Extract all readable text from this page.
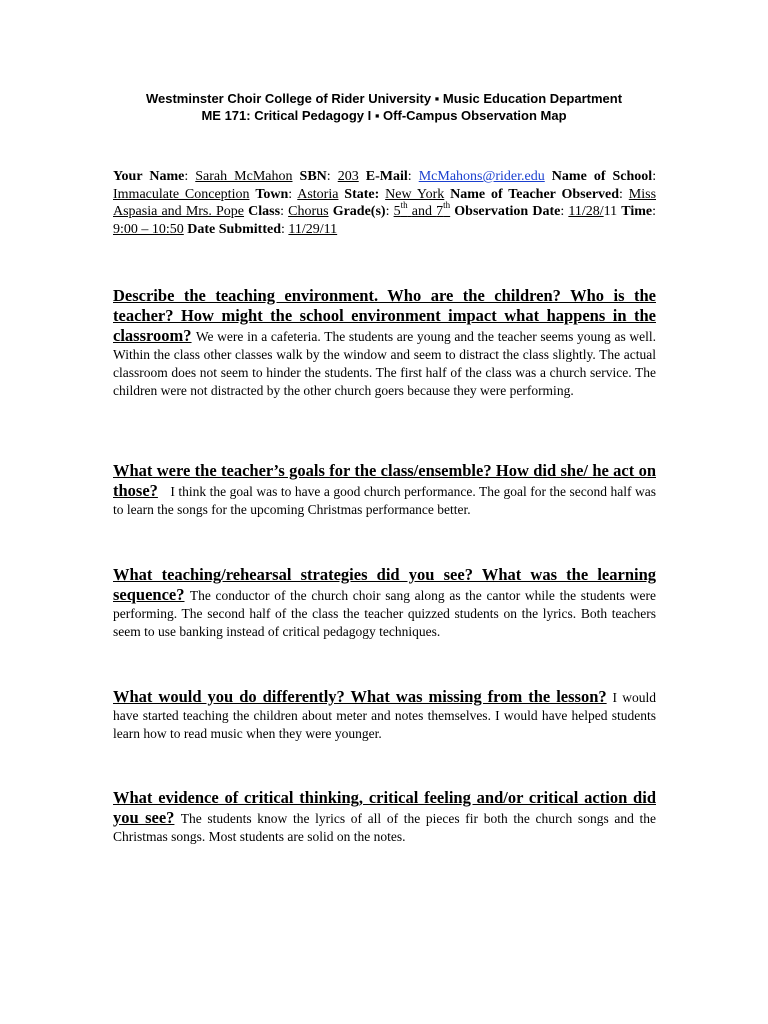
Westminster Choir College of Rider University ▪ Music Education Department
ME 171: Critical Pedagogy I ▪ Off-Campus Observation Map
Your Name: Sarah McMahon SBN: 203 E-Mail: McMahons@rider.edu Name of School: Immaculate Conception Town: Astoria State: New York Name of Teacher Observed: Miss Aspasia and Mrs. Pope Class: Chorus Grade(s): 5th and 7th Observation Date: 11/28/11 Time: 9:00 – 10:50 Date Submitted: 11/29/11
Describe the teaching environment. Who are the children? Who is the teacher? How might the school environment impact what happens in the classroom? We were in a cafeteria. The students are young and the teacher seems young as well. Within the class other classes walk by the window and seem to distract the class slightly. The actual classroom does not seem to hinder the students. The first half of the class was a church service. The children were not distracted by the other church goers because they were performing.
What were the teacher’s goals for the class/ensemble? How did she/ he act on those? I think the goal was to have a good church performance. The goal for the second half was to learn the songs for the upcoming Christmas performance better.
What teaching/rehearsal strategies did you see? What was the learning sequence? The conductor of the church choir sang along as the cantor while the students were performing. The second half of the class the teacher quizzed students on the lyrics. Both teachers seem to use banking instead of critical pedagogy techniques.
What would you do differently? What was missing from the lesson? I would have started teaching the children about meter and notes themselves. I would have helped students learn how to read music when they were younger.
What evidence of critical thinking, critical feeling and/or critical action did you see? The students know the lyrics of all of the pieces fir both the church songs and the Christmas songs. Most students are solid on the notes.
